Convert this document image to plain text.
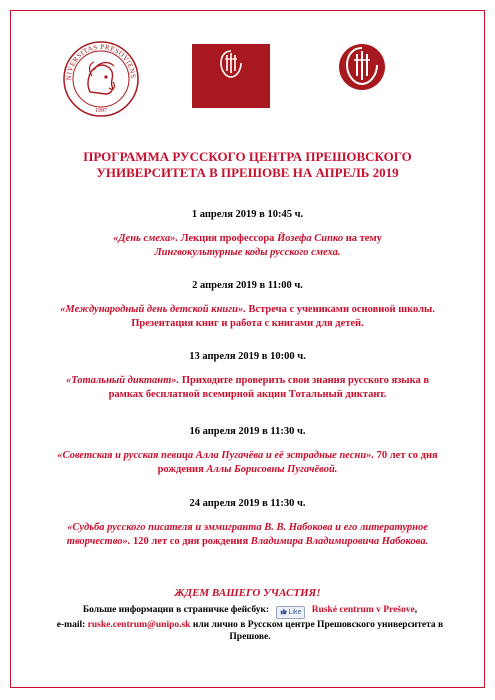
NIVERSITAS PRESOVIENS
1997
ПРОГРАММА РУССКОГО ЦЕНТРА ПРЕШОВСКОГО
УНИВЕРСИТЕТА В ПРЕШОВЕ НА АПРЕЛЬ 2019
1 апреля 2019 в 10:45 ч.
«День смеха». Лекция профессора Йозефа Сипко на тему
Лингвокультурные коды русского смеха.
2 апреля 2019 в 11:00 ч.
«Международный день детской книги». Встреча с учениками основной школы. Презентация книг и работа с книгами для детей.
13 апреля 2019 в 10:00 ч.
«Тотальный диктант». Приходите проверить свои знания русского языка в рамках бесплатной всемирной акции Тотальный диктант.
16 апреля 2019 в 11:30 ч.
«Советская и русская певица Алла Пугачёва и её эстрадные песни». 70 лет со дня рождения Аллы Борисовны Пугачёвой.
24 апреля 2019 в 11:30 ч.
«Судьба русского писателя и эммигранта В. В. Набокова и его литературное творчество». 120 лет со дня рождения Владимира Владимировича Набокова.
ЖДЕМ ВАШЕГО УЧАСТИЯ!
Больше информации в страничке фейсбук:	Like Ruské centrum v Prešove,
e-mail: ruske.centrum@unipo.sk или лично в Русском центре Прешовского университета в Прешове.
